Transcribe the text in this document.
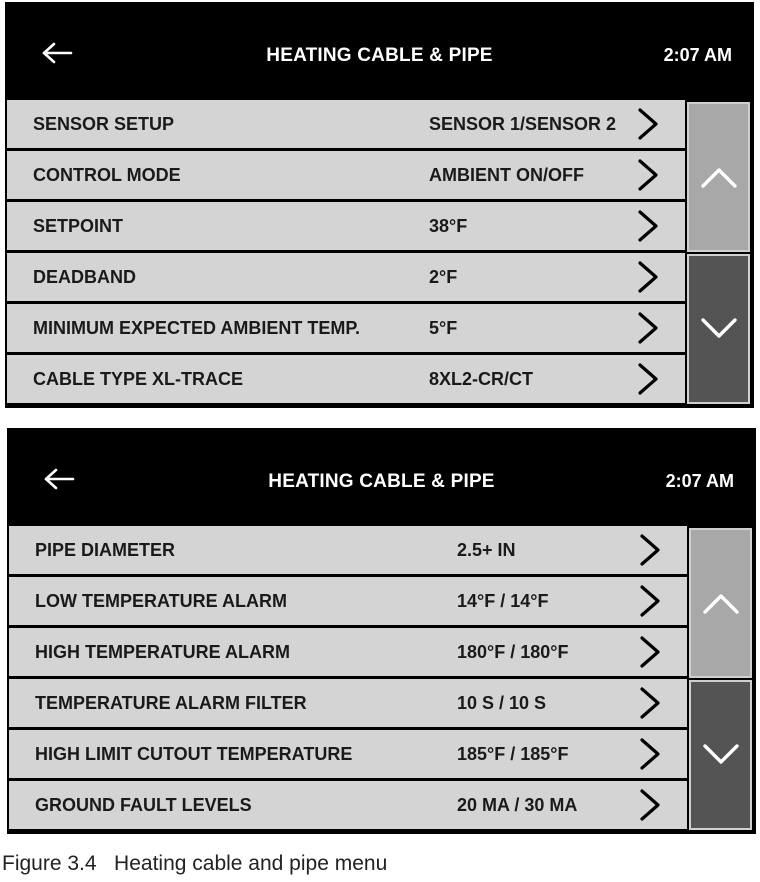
HEATING CABLE & PIPE	2:07 AM
SENSOR SETUP	SENSOR 1/SENSOR 2
CONTROL MODE	AMBIENT ON/OFF
SETPOINT	38°F
DEADBAND	2°F
MINIMUM EXPECTED AMBIENT TEMP.	5°F
CABLE TYPE XL-TRACE	8XL2-CR/CT
HEATING CABLE & PIPE	2:07 AM
PIPE DIAMETER	2.5+ IN
LOW TEMPERATURE ALARM	14°F / 14°F
HIGH TEMPERATURE ALARM	180°F / 180°F
TEMPERATURE ALARM FILTER	10 S / 10 S
HIGH LIMIT CUTOUT TEMPERATURE	185°F / 185°F
GROUND FAULT LEVELS	20 MA / 30 MA
Figure 3.4   Heating cable and pipe menu
